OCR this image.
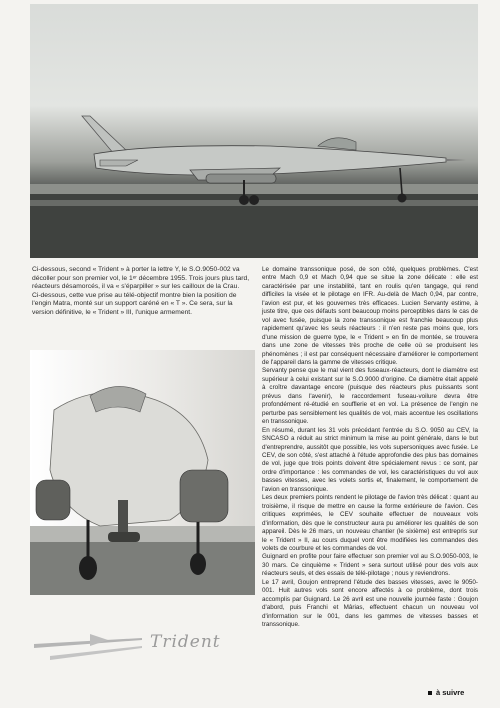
Ci-dessous, second « Trident » à porter la lettre Y, le S.O.9050-002 va décoller pour son premier vol, le 1ᵉʳ décembre 1955. Trois jours plus tard, réacteurs désamorcés, il va « s'éparpiller » sur les cailloux de la Crau.

Ci-dessous, cette vue prise au télé-objectif montre bien la position de l'engin Matra, monté sur un support caréné en « T ». Ce sera, sur la version définitive, le « Trident » III, l'unique armement.

Le domaine transsonique posé, de son côté, quelques problèmes. C'est entre Mach 0,9 et Mach 0,94 que se situe la zone délicate : elle est caractérisée par une instabilité, tant en roulis qu'en tangage, qui rend difficiles la visée et le pilotage en IFR. Au-delà de Mach 0,94, par contre, l'avion est pur, et les gouvernes très efficaces. Lucien Servanty estime, à juste titre, que ces défauts sont beaucoup moins perceptibles dans le cas de vol avec fusée, puisque la zone transsonique est franchie beaucoup plus rapidement qu'avec les seuls réacteurs : il n'en reste pas moins que, lors d'une mission de guerre type, le « Trident » en fin de montée, se trouvera dans une zone de vitesses très proche de celle où se produisent les phénomènes ; il est par conséquent nécessaire d'améliorer le comportement de l'appareil dans la gamme de vitesses critique.

Servanty pense que le mal vient des fuseaux-réacteurs, dont le diamètre est supérieur à celui existant sur le S.O.9000 d'origine. Ce diamètre était appelé à croître davantage encore (puisque des réacteurs plus puissants sont prévus dans l'avenir), le raccordement fuseau-voilure devra être profondément ré-étudié en soufflerie et en vol. La présence de l'engin ne perturbe pas sensiblement les qualités de vol, mais accentue les oscillations en transsonique.

En résumé, durant les 31 vols précédant l'entrée du S.O. 9050 au CEV, la SNCASO a réduit au strict minimum la mise au point générale, dans le but d'entreprendre, aussitôt que possible, les vols supersoniques avec fusée. Le CEV, de son côté, s'est attaché à l'étude approfondie des plus bas domaines de vol, juge que trois points doivent être spécialement revus : ce sont, par ordre d'importance : les commandes de vol, les caractéristiques du vol aux basses vitesses, avec les volets sortis et, finalement, le comportement de l'avion en transsonique.

Les deux premiers points rendent le pilotage de l'avion très délicat : quant au troisième, il risque de mettre en cause la forme extérieure de l'avion. Ces critiques exprimées, le CEV souhaite effectuer de nouveaux vols d'information, dès que le constructeur aura pu améliorer les qualités de son appareil. Dès le 26 mars, un nouveau chantier (le sixième) est entrepris sur le « Trident » II, au cours duquel vont être modifiées les commandes des volets de courbure et les commandes de vol.

Guignard en profite pour faire effectuer son premier vol au S.O.9050-003, le 30 mars. Ce cinquième « Trident » sera surtout utilisé pour des vols aux réacteurs seuls, et des essais de télé-pilotage ; nous y reviendrons.

Le 17 avril, Goujon entreprend l'étude des basses vitesses, avec le 9050-001. Huit autres vols sont encore affectés à ce problème, dont trois accomplis par Guignard. Le 26 avril est une nouvelle journée faste : Goujon d'abord, puis Franchi et Mârias, effectuent chacun un nouveau vol d'information sur le 001, dans les gammes de vitesses basses et transsonique.

Trident
à suivre
